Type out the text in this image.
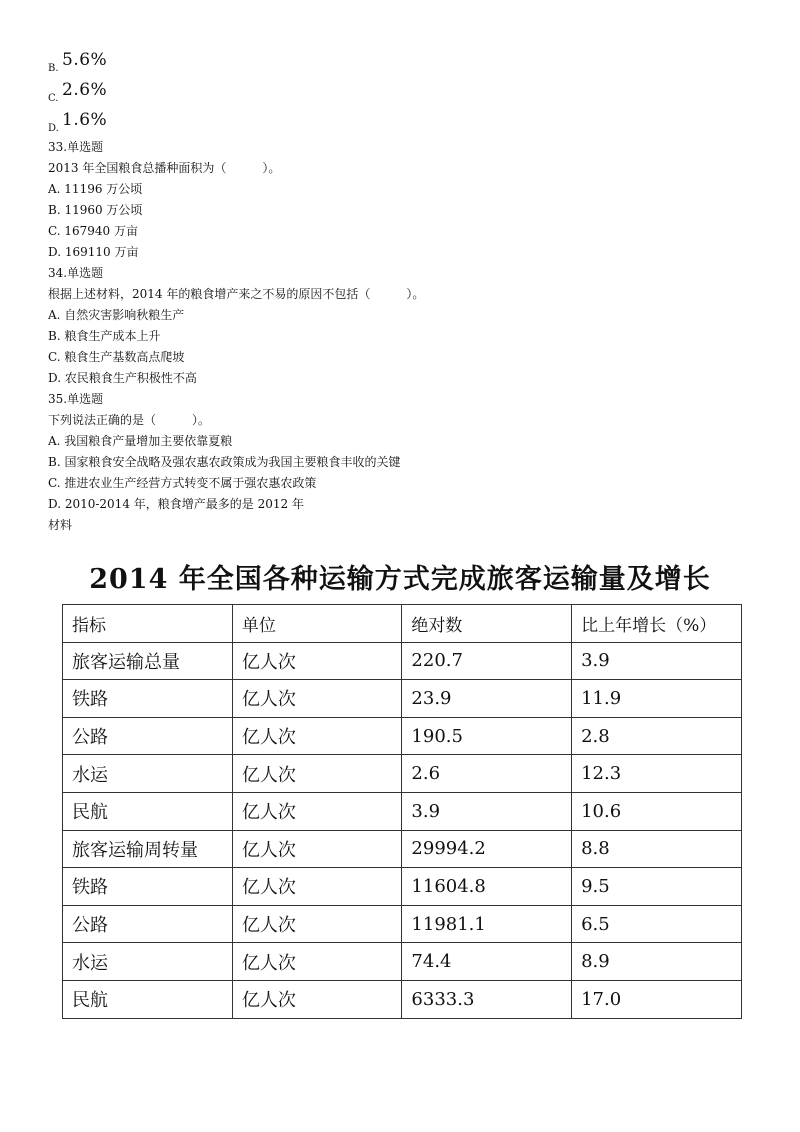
B. 5.6%
C. 2.6%
D. 1.6%
33.单选题
2013 年全国粮食总播种面积为（　　　）。
A. 11196 万公顷
B. 11960 万公顷
C. 167940 万亩
D. 169110 万亩
34.单选题
根据上述材料，2014 年的粮食增产来之不易的原因不包括（　　　）。
A. 自然灾害影响秋粮生产
B. 粮食生产成本上升
C. 粮食生产基数高点爬坡
D. 农民粮食生产积极性不高
35.单选题
下列说法正确的是（　　　）。
A. 我国粮食产量增加主要依靠夏粮
B. 国家粮食安全战略及强农惠农政策成为我国主要粮食丰收的关键
C. 推进农业生产经营方式转变不属于强农惠农政策
D. 2010-2014 年，粮食增产最多的是 2012 年
材料
2014 年全国各种运输方式完成旅客运输量及增长
指标	单位	绝对数	比上年增长（%）
旅客运输总量	亿人次	220.7	3.9
铁路	亿人次	23.9	11.9
公路	亿人次	190.5	2.8
水运	亿人次	2.6	12.3
民航	亿人次	3.9	10.6
旅客运输周转量	亿人次	29994.2	8.8
铁路	亿人次	11604.8	9.5
公路	亿人次	11981.1	6.5
水运	亿人次	74.4	8.9
民航	亿人次	6333.3	17.0
